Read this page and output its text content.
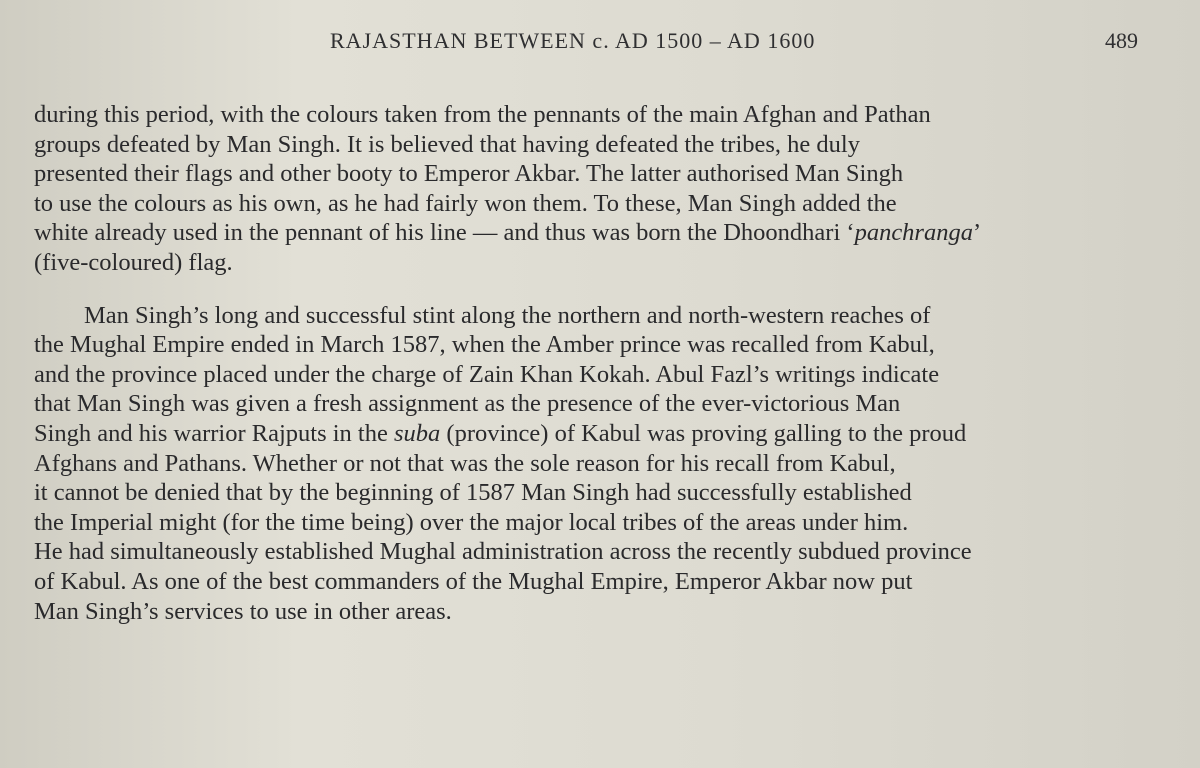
RAJASTHAN BETWEEN c. AD 1500 – AD 1600	489
during this period, with the colours taken from the pennants of the main Afghan and Pathan
groups defeated by Man Singh. It is believed that having defeated the tribes, he duly
presented their flags and other booty to Emperor Akbar. The latter authorised Man Singh
to use the colours as his own, as he had fairly won them. To these, Man Singh added the
white already used in the pennant of his line — and thus was born the Dhoondhari ‘panchranga’
(five-coloured) flag.
Man Singh’s long and successful stint along the northern and north-western reaches of
the Mughal Empire ended in March 1587, when the Amber prince was recalled from Kabul,
and the province placed under the charge of Zain Khan Kokah. Abul Fazl’s writings indicate
that Man Singh was given a fresh assignment as the presence of the ever-victorious Man
Singh and his warrior Rajputs in the suba (province) of Kabul was proving galling to the proud
Afghans and Pathans. Whether or not that was the sole reason for his recall from Kabul,
it cannot be denied that by the beginning of 1587 Man Singh had successfully established
the Imperial might (for the time being) over the major local tribes of the areas under him.
He had simultaneously established Mughal administration across the recently subdued province
of Kabul. As one of the best commanders of the Mughal Empire, Emperor Akbar now put
Man Singh’s services to use in other areas.
